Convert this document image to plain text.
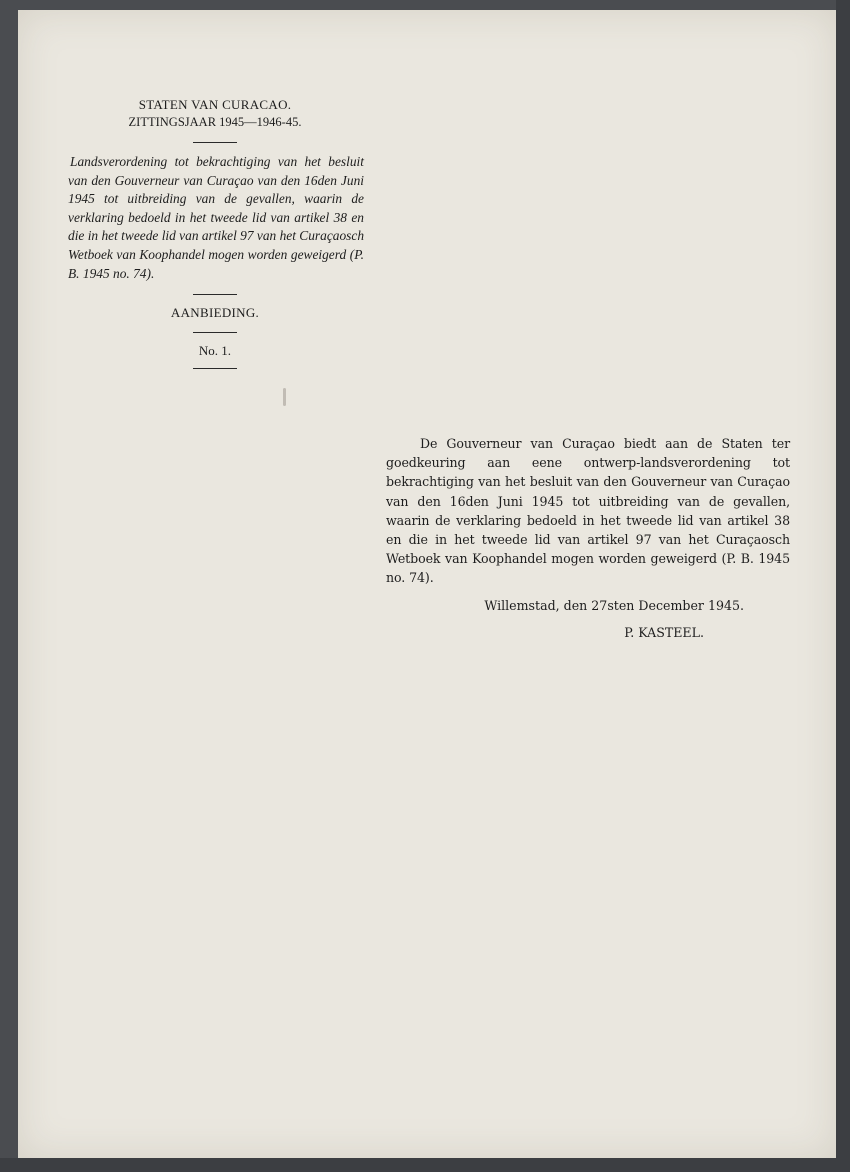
STATEN VAN CURACAO.
ZITTINGSJAAR 1945—1946-45.

Landsverordening tot bekrachtiging van het besluit van den Gouverneur van Curaçao van den 16den Juni 1945 tot uitbreiding van de gevallen, waarin de verklaring bedoeld in het tweede lid van artikel 38 en die in het tweede lid van artikel 97 van het Curaçaosch Wetboek van Koophandel mogen worden geweigerd (P. B. 1945 no. 74).

AANBIEDING.
No. 1.

De Gouverneur van Curaçao biedt aan de Staten ter goedkeuring aan eene ontwerp-landsverordening tot bekrachtiging van het besluit van den Gouverneur van Curaçao van den 16den Juni 1945 tot uitbreiding van de gevallen, waarin de verklaring bedoeld in het tweede lid van artikel 38 en die in het tweede lid van artikel 97 van het Curaçaosch Wetboek van Koophandel mogen worden geweigerd (P. B. 1945 no. 74).

Willemstad, den 27sten December 1945.
P. KASTEEL.
